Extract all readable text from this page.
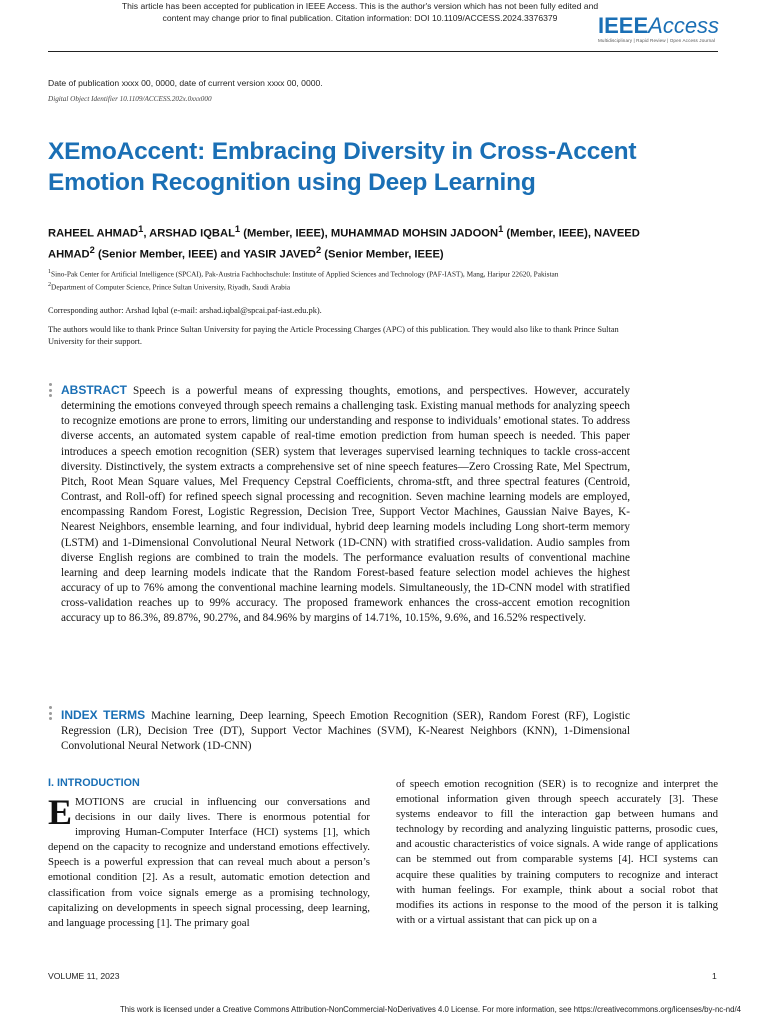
This article has been accepted for publication in IEEE Access. This is the author's version which has not been fully edited and
content may change prior to final publication. Citation information: DOI 10.1109/ACCESS.2024.3376379	IEEEAccess
Multidisciplinary | Rapid Review | Open Access Journal
Date of publication xxxx 00, 0000, date of current version xxxx 00, 0000.
Digital Object Identifier 10.1109/ACCESS.202x.0xxx000
XEmoAccent: Embracing Diversity in Cross-Accent Emotion Recognition using Deep Learning
RAHEEL AHMAD$^1$, ARSHAD IQBAL$^1$ (Member, IEEE), MUHAMMAD MOHSIN JADOON$^1$ (Member, IEEE), NAVEED AHMAD$^2$ (Senior Member, IEEE) and YASIR JAVED$^2$ (Senior Member, IEEE)
$^1$Sino-Pak Center for Artificial Intelligence (SPCAI), Pak-Austria Fachhochschule: Institute of Applied Sciences and Technology (PAF-IAST), Mang, Haripur 22620, Pakistan
$^2$Department of Computer Science, Prince Sultan University, Riyadh, Saudi Arabia
Corresponding author: Arshad Iqbal (e-mail: arshad.iqbal@spcai.paf-iast.edu.pk).
The authors would like to thank Prince Sultan University for paying the Article Processing Charges (APC) of this publication. They would also like to thank Prince Sultan University for their support.
ABSTRACT Speech is a powerful means of expressing thoughts, emotions, and perspectives. However, accurately determining the emotions conveyed through speech remains a challenging task. Existing manual methods for analyzing speech to recognize emotions are prone to errors, limiting our understanding and response to individuals’ emotional states. To address diverse accents, an automated system capable of real-time emotion prediction from human speech is needed. This paper introduces a speech emotion recognition (SER) system that leverages supervised learning techniques to tackle cross-accent diversity. Distinctively, the system extracts a comprehensive set of nine speech features—Zero Crossing Rate, Mel Spectrum, Pitch, Root Mean Square values, Mel Frequency Cepstral Coefficients, chroma-stft, and three spectral features (Centroid, Contrast, and Roll-off) for refined speech signal processing and recognition. Seven machine learning models are employed, encompassing Random Forest, Logistic Regression, Decision Tree, Support Vector Machines, Gaussian Naive Bayes, K-Nearest Neighbors, ensemble learning, and four individual, hybrid deep learning models including Long short-term memory (LSTM) and 1-Dimensional Convolutional Neural Network (1D-CNN) with stratified cross-validation. Audio samples from diverse English regions are combined to train the models. The performance evaluation results of conventional machine learning and deep learning models indicate that the Random Forest-based feature selection model achieves the highest accuracy of up to 76% among the conventional machine learning models. Simultaneously, the 1D-CNN model with stratified cross-validation reaches up to 99% accuracy. The proposed framework enhances the cross-accent emotion recognition accuracy up to 86.3%, 89.87%, 90.27%, and 84.96% by margins of 14.71%, 10.15%, 9.6%, and 16.52% respectively.
INDEX TERMS Machine learning, Deep learning, Speech Emotion Recognition (SER), Random Forest (RF), Logistic Regression (LR), Decision Tree (DT), Support Vector Machines (SVM), K-Nearest Neighbors (KNN), 1-Dimensional Convolutional Neural Network (1D-CNN)
I. INTRODUCTION
EMOTIONS are crucial in influencing our conversations and decisions in our daily lives. There is enormous potential for improving Human-Computer Interface (HCI) systems [1], which depend on the capacity to recognize and understand emotions effectively. Speech is a powerful expression that can reveal much about a person’s emotional condition [2]. As a result, automatic emotion detection and classification from voice signals emerge as a promising technology, capitalizing on developments in speech signal processing, deep learning, and language processing [1]. The primary goal
of speech emotion recognition (SER) is to recognize and interpret the emotional information given through speech accurately [3]. These systems endeavor to fill the interaction gap between humans and technology by recording and analyzing linguistic patterns, prosodic cues, and acoustic characteristics of voice signals. A wide range of applications can be stemmed out from comparable systems [4]. HCI systems can acquire these qualities by training computers to recognize and interact with human feelings. For example, think about a social robot that modifies its actions in response to the mood of the person it is talking with or a virtual assistant that can pick up on a
VOLUME 11, 2023	1
This work is licensed under a Creative Commons Attribution-NonCommercial-NoDerivatives 4.0 License. For more information, see https://creativecommons.org/licenses/by-nc-nd/4
